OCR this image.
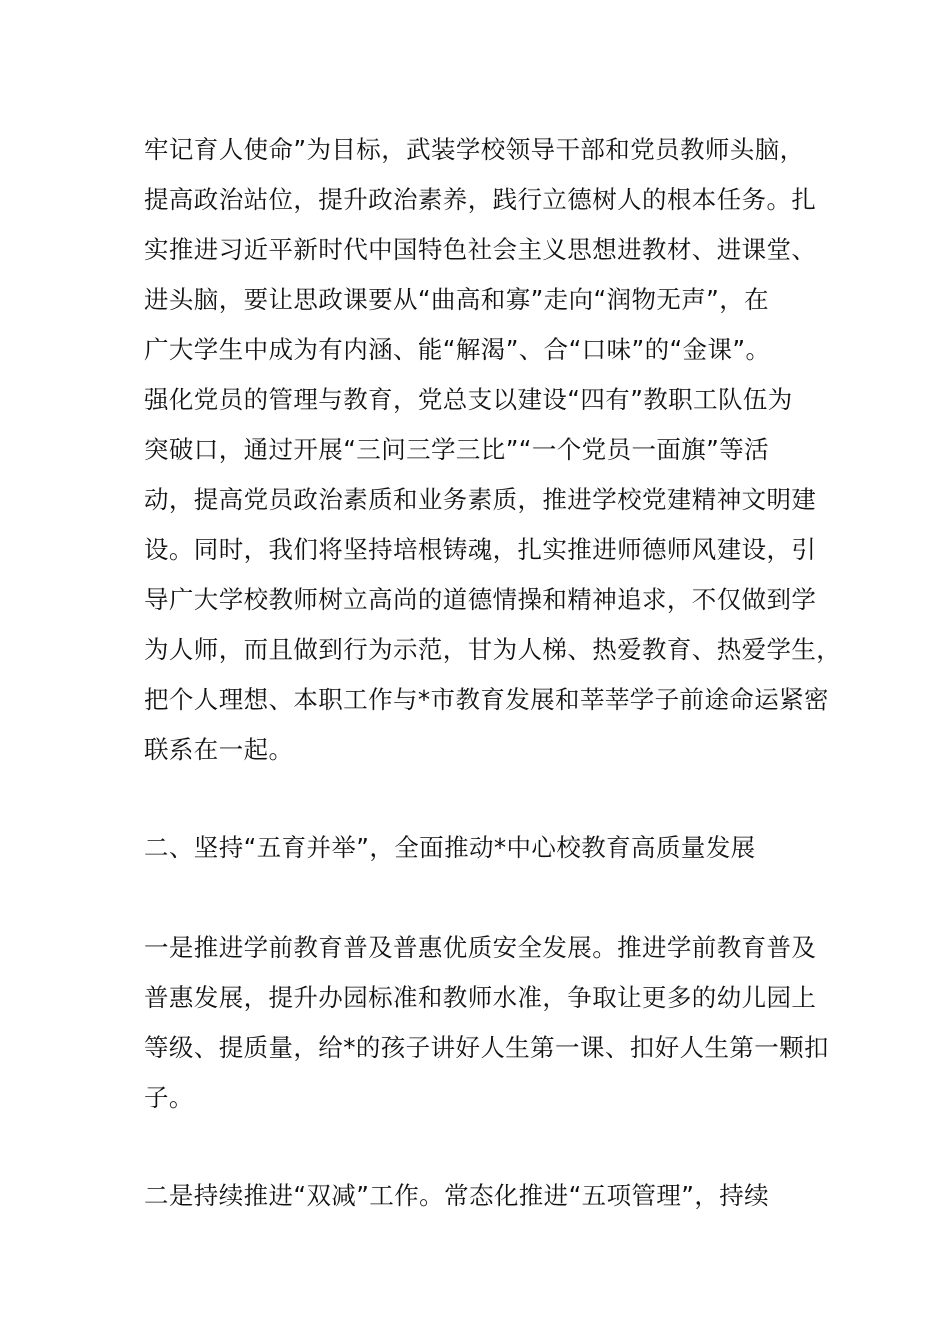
牢记育人使命”为目标，武装学校领导干部和党员教师头脑，
提高政治站位，提升政治素养，践行立德树人的根本任务。扎
实推进习近平新时代中国特色社会主义思想进教材、进课堂、
进头脑，要让思政课要从“曲高和寡”走向“润物无声”，在
广大学生中成为有内涵、能“解渴”、合“口味”的“金课”。
强化党员的管理与教育，党总支以建设“四有”教职工队伍为
突破口，通过开展“三问三学三比”“一个党员一面旗”等活
动，提高党员政治素质和业务素质，推进学校党建精神文明建
设。同时，我们将坚持培根铸魂，扎实推进师德师风建设，引
导广大学校教师树立高尚的道德情操和精神追求，不仅做到学
为人师，而且做到行为示范，甘为人梯、热爱教育、热爱学生，
把个人理想、本职工作与*市教育发展和莘莘学子前途命运紧密
联系在一起。
二、坚持“五育并举”，全面推动*中心校教育高质量发展
一是推进学前教育普及普惠优质安全发展。推进学前教育普及
普惠发展，提升办园标准和教师水准，争取让更多的幼儿园上
等级、提质量，给*的孩子讲好人生第一课、扣好人生第一颗扣
子。
二是持续推进“双减”工作。常态化推进“五项管理”，持续
